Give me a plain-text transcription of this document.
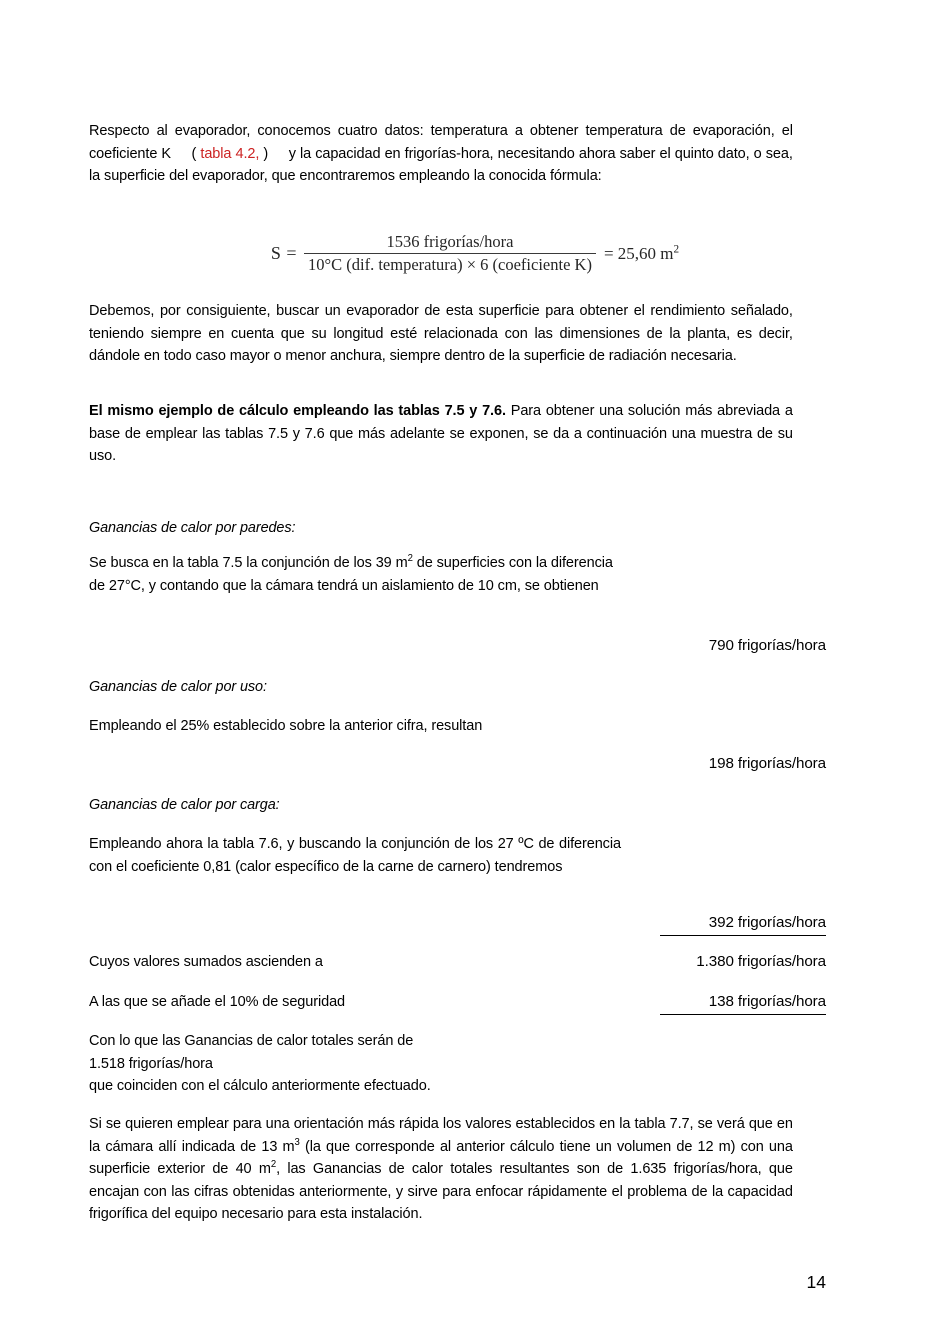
Respecto al evaporador, conocemos cuatro datos: temperatura a obtener temperatura de evaporación, el coeficiente K ( tabla 4.2, ) y la capacidad en frigorías-hora, necesitando ahora saber el quinto dato, o sea, la superficie del evaporador, que encontraremos empleando la conocida fórmula:

$S = \frac{\text{1536 frigorías/hora}}{\text{10°C (dif. temperatura) × 6 (coeficiente K)}} = 25,60$ $m^2$

Debemos, por consiguiente, buscar un evaporador de esta superficie para obtener el rendimiento señalado, teniendo siempre en cuenta que su longitud esté relacionada con las dimensiones de la planta, es decir, dándole en todo caso mayor o menor anchura, siempre dentro de la superficie de radiación necesaria.

El mismo ejemplo de cálculo empleando las tablas 7.5 y 7.6. Para obtener una solución más abreviada a base de emplear las tablas 7.5 y 7.6 que más adelante se exponen, se da a continuación una muestra de su uso.

Ganancias de calor por paredes:

Se busca en la tabla 7.5 la conjunción de los 39 $m^2$ de superficies con la diferencia de 27°C, y contando que la cámara tendrá un aislamiento de 10 cm, se obtienen

790 frigorías/hora

Ganancias de calor por uso:

Empleando el 25% establecido sobre la anterior cifra, resultan

198 frigorías/hora

Ganancias de calor por carga:

Empleando ahora la tabla 7.6, y buscando la conjunción de los 27 ºC de diferencia con el coeficiente 0,81 (calor específico de la carne de carnero) tendremos

392 frigorías/hora

Cuyos valores sumados ascienden a	1.380 frigorías/hora

A las que se añade el 10% de seguridad	138 frigorías/hora

Con lo que las Ganancias de calor totales serán de

1.518 frigorías/hora

que coinciden con el cálculo anteriormente efectuado.

Si se quieren emplear para una orientación más rápida los valores establecidos en la tabla 7.7, se verá que en la cámara allí indicada de 13 $m^3$ (la que corresponde al anterior cálculo tiene un volumen de 12 m) con una superficie exterior de 40 $m^2$, las Ganancias de calor totales resultantes son de 1.635 frigorías/hora, que encajan con las cifras obtenidas anteriormente, y sirve para enfocar rápidamente el problema de la capacidad frigorífica del equipo necesario para esta instalación.

14
